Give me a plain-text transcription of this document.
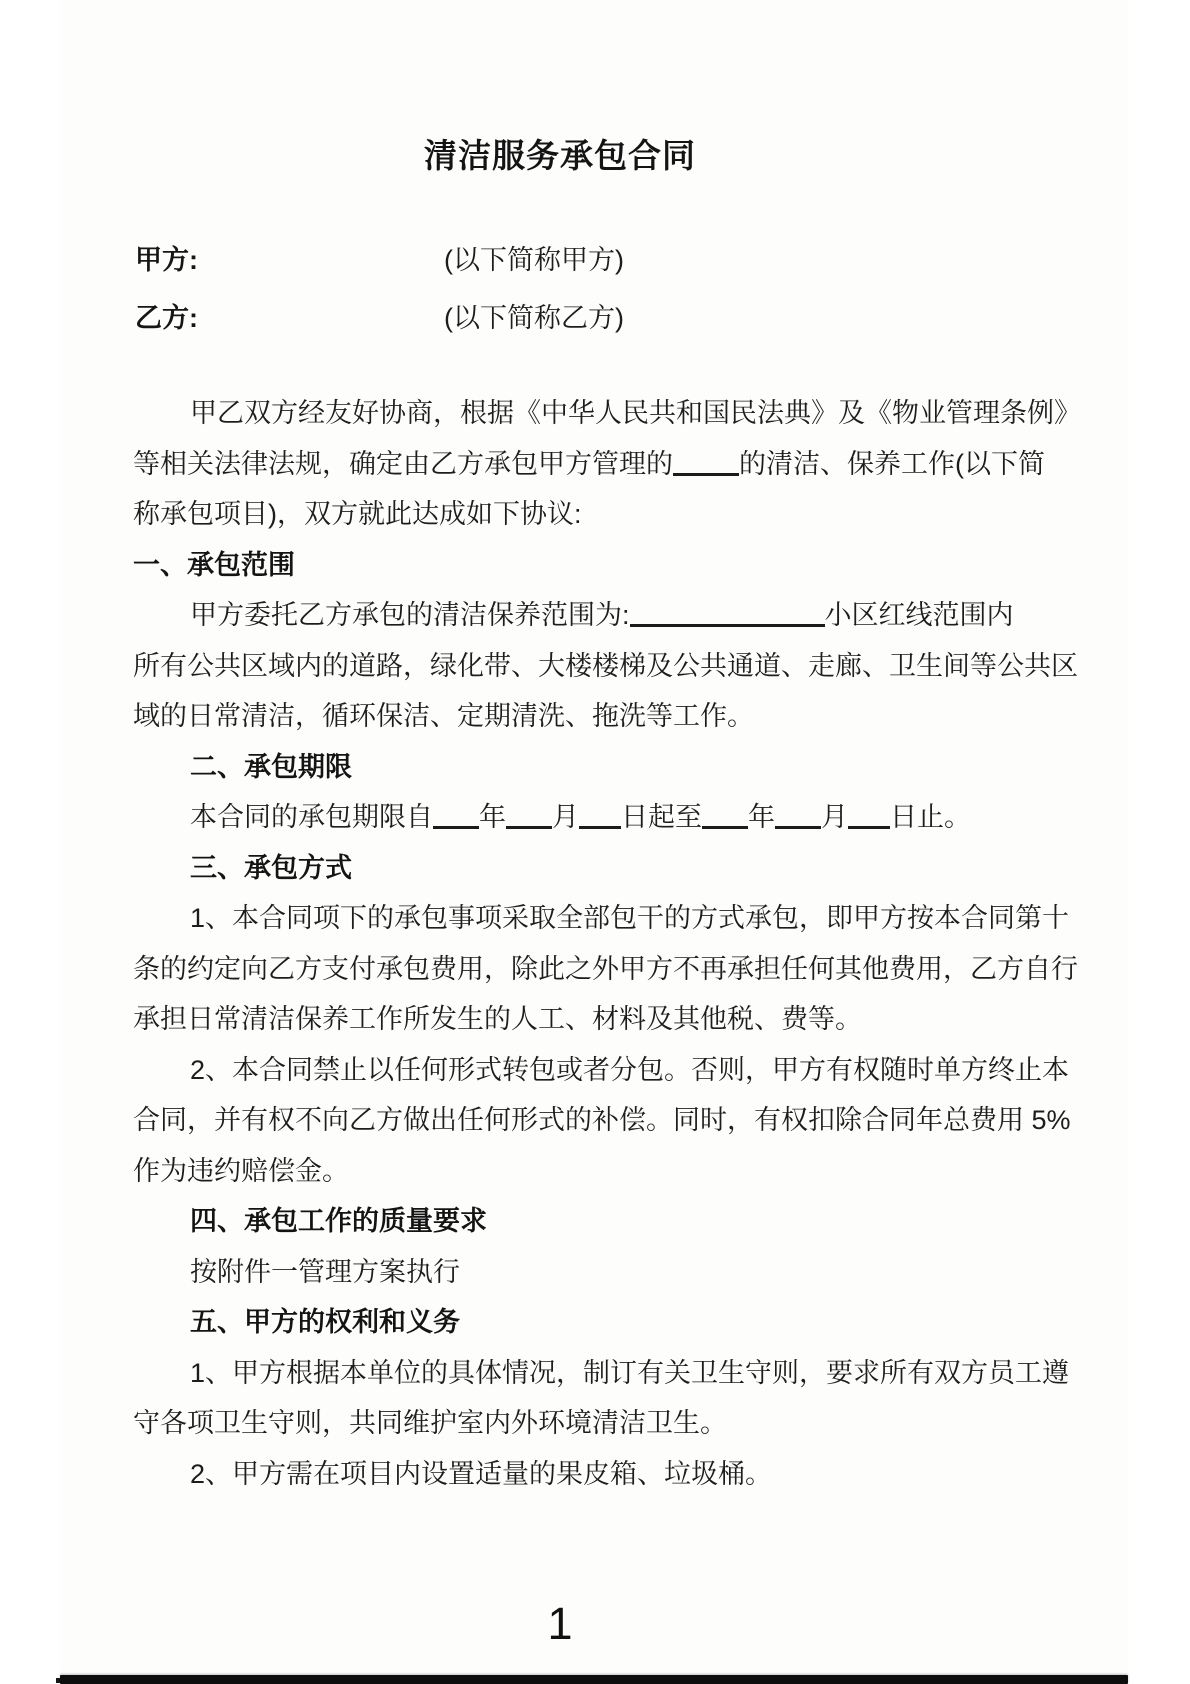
清洁服务承包合同
甲方:	(以下简称甲方)
乙方:	(以下简称乙方)
甲乙双方经友好协商，根据《中华人民共和国民法典》及《物业管理条例》
等相关法律法规，确定由乙方承包甲方管理的 的清洁、保养工作(以下简
称承包项目)，双方就此达成如下协议:
一、承包范围
甲方委托乙方承包的清洁保养范围为:	小区红线范围内
所有公共区域内的道路，绿化带、大楼楼梯及公共通道、走廊、卫生间等公共区
域的日常清洁，循环保洁、定期清洗、拖洗等工作。
二、承包期限
本合同的承包期限自 年 月 日起至 年 月 日止。
三、承包方式
1、本合同项下的承包事项采取全部包干的方式承包，即甲方按本合同第十
条的约定向乙方支付承包费用，除此之外甲方不再承担任何其他费用，乙方自行
承担日常清洁保养工作所发生的人工、材料及其他税、费等。
2、本合同禁止以任何形式转包或者分包。否则，甲方有权随时单方终止本
合同，并有权不向乙方做出任何形式的补偿。同时，有权扣除合同年总费用 5%
作为违约赔偿金。
四、承包工作的质量要求
按附件一管理方案执行
五、甲方的权利和义务
1、甲方根据本单位的具体情况，制订有关卫生守则，要求所有双方员工遵
守各项卫生守则，共同维护室内外环境清洁卫生。
2、甲方需在项目内设置适量的果皮箱、垃圾桶。
1
